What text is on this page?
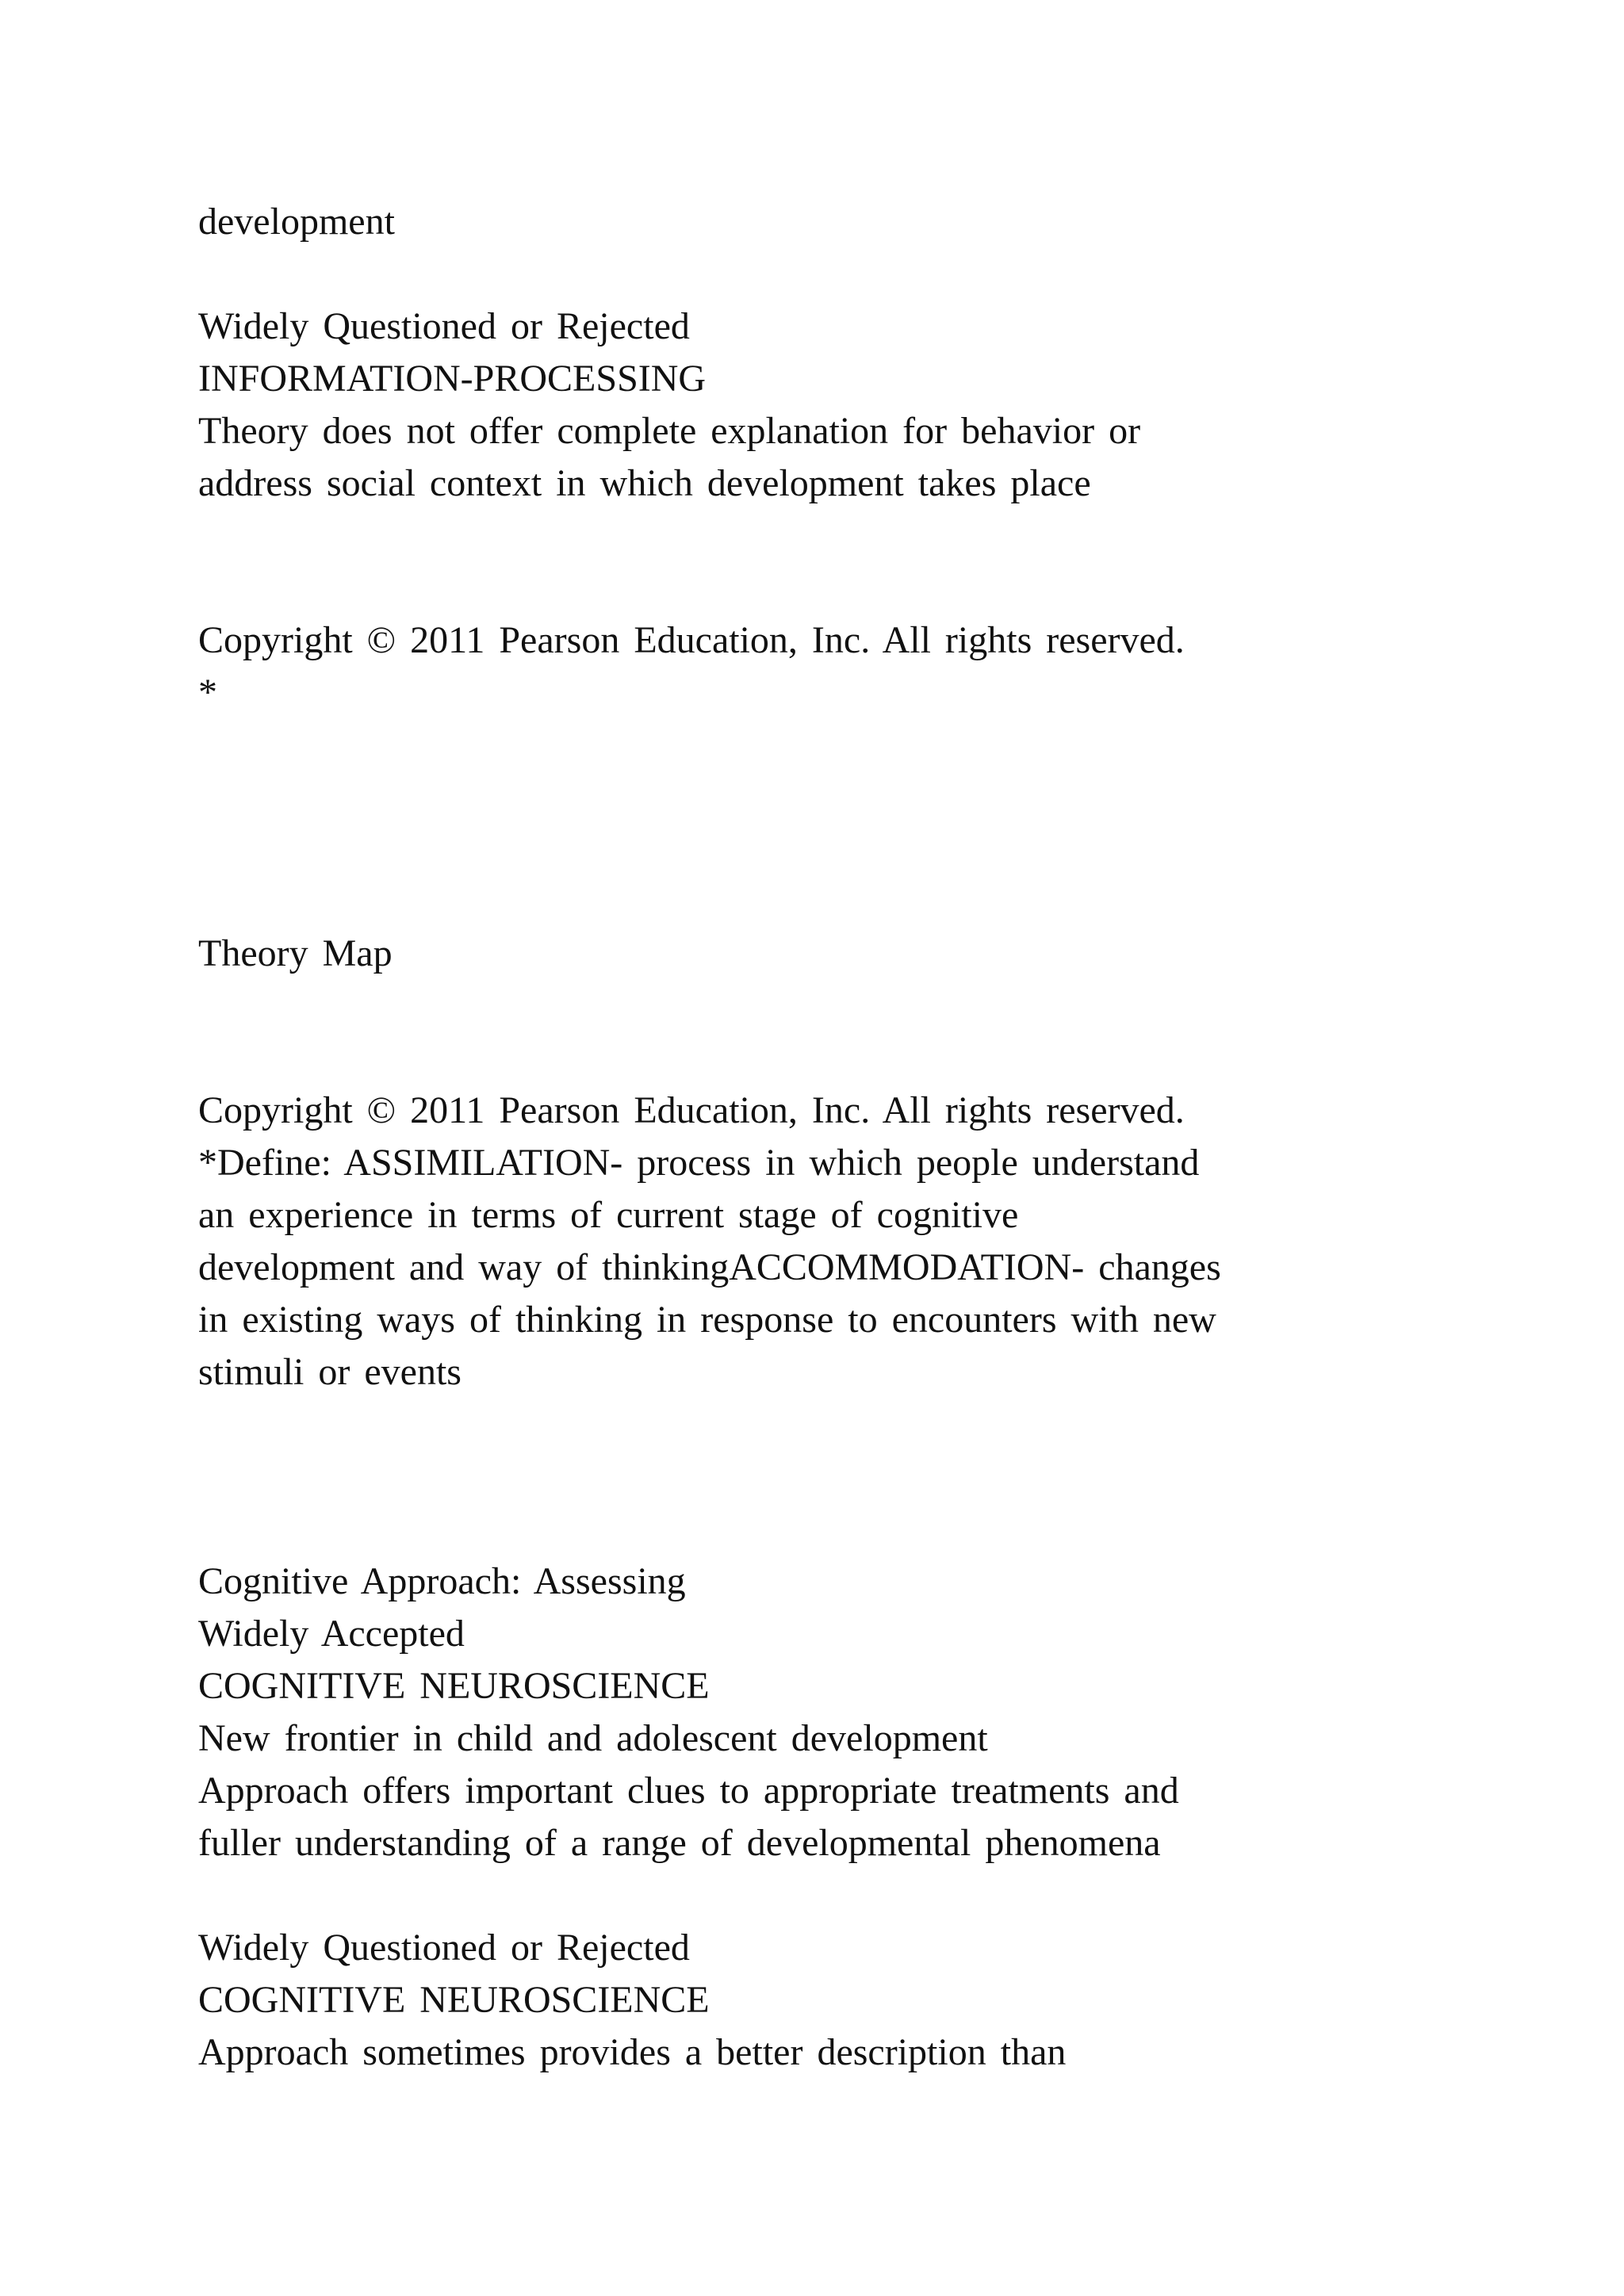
development

Widely Questioned or Rejected

INFORMATION-PROCESSING

Theory does not offer complete explanation for behavior or

address social context in which development takes place

Copyright © 2011 Pearson Education, Inc. All rights reserved.

*

Theory Map

Copyright © 2011 Pearson Education, Inc. All rights reserved.

*Define: ASSIMILATION- process in which people understand

an experience in terms of current stage of cognitive

development and way of thinkingACCOMMODATION- changes

in existing ways of thinking in response to encounters with new

stimuli or events

Cognitive Approach: Assessing

Widely Accepted

COGNITIVE NEUROSCIENCE

New frontier in child and adolescent development

Approach offers important clues to appropriate treatments and

fuller understanding of a range of developmental phenomena

Widely Questioned or Rejected

COGNITIVE NEUROSCIENCE

Approach sometimes provides a better description than
